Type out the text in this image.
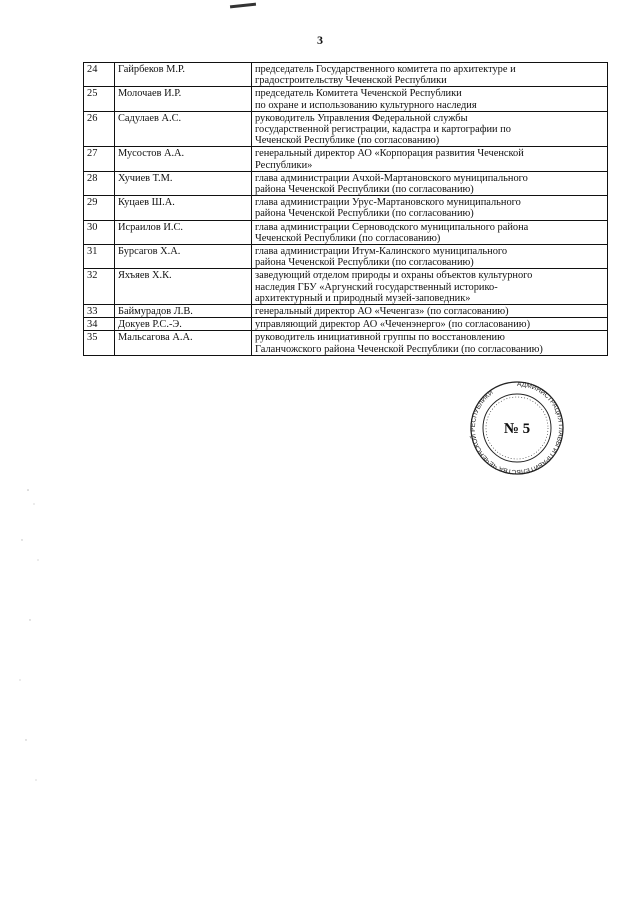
3
24	Гайрбеков М.Р.	председатель Государственного комитета по архитектуре и
градостроительству Чеченской Республики

25	Молочаев И.Р.	председатель Комитета Чеченской Республики
по охране и использованию культурного наследия

26	Садулаев А.С.	руководитель Управления Федеральной службы
государственной регистрации, кадастра и картографии по
Чеченской Республике (по согласованию)

27	Мусостов А.А.	генеральный директор АО «Корпорация развития Чеченской
Республики»

28	Хучиев Т.М.	глава администрации Ачхой-Мартановского муниципального
района Чеченской Республики (по согласованию)

29	Куцаев Ш.А.	глава администрации Урус-Мартановского муниципального
района Чеченской Республики (по согласованию)

30	Исраилов И.С.	глава администрации Серноводского муниципального района
Чеченской Республики (по согласованию)

31	Бурсагов Х.А.	глава администрации Итум-Калинского муниципального
района Чеченской Республики (по согласованию)

32	Яхъяев Х.К.	заведующий отделом природы и охраны объектов культурного
наследия ГБУ «Аргунский государственный историко-
архитектурный и природный музей-заповедник»

33	Баймурадов Л.В.	генеральный директор АО «Чеченгаз» (по согласованию)

34	Докуев Р.С.-Э.	управляющий директор АО «Чеченэнерго» (по согласованию)

35	Мальсагова А.А.	руководитель инициативной группы по восстановлению
Галанчожского района Чеченской Республики (по согласованию)
АДМИНИСТРАЦИЯ ГЛАВЫ И ПРАВИТЕЛЬСТВА ЧЕЧЕНСКОЙ РЕСПУБЛИКИ
№ 5
